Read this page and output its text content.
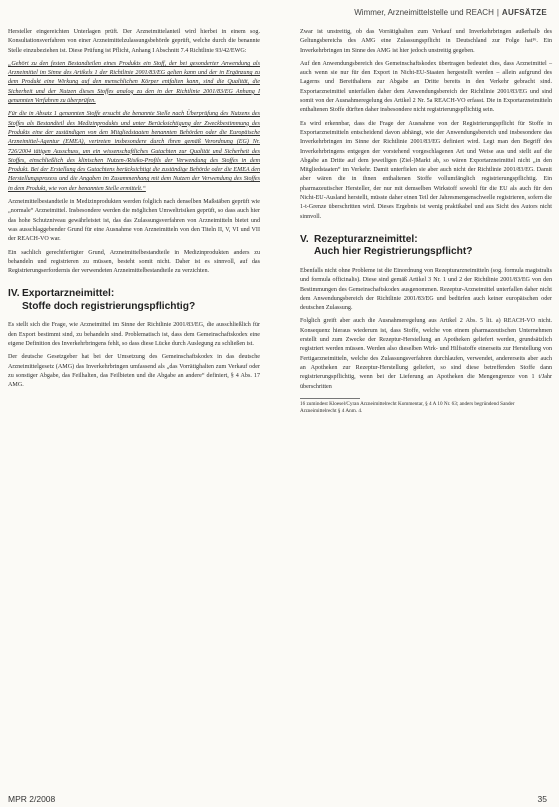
Wimmer, Arzneimittelstelle und REACH | AUFSÄTZE

Hersteller eingereichten Unterlagen prüft. Der Arzneimittelanteil wird hierbei in einem sog. Konsultationsverfahren von einer Arzneimittelzulassungsbehörde geprüft, welche durch die benannte Stelle einzubeziehen ist. Diese Prüfung ist Pflicht, Anhang I Abschnitt 7.4 Richtlinie 93/42/EWG:

„Gehört zu den festen Bestandteilen eines Produkts ein Stoff, der bei gesonderter Anwendung als Arzneimittel im Sinne des Artikels 1 der Richtlinie 2001/83/EG gelten kann und der in Ergänzung zu dem Produkt eine Wirkung auf den menschlichen Körper entfalten kann, sind die Qualität, die Sicherheit und der Nutzen dieses Stoffes analog zu den in der Richtlinie 2001/83/EG Anhang I genannten Verfahren zu überprüfen.

Für die in Absatz 1 genannten Stoffe ersucht die benannte Stelle nach Überprüfung des Nutzens des Stoffes als Bestandteil des Medizinprodukts und unter Berücksichtigung der Zweckbestimmung des Produkts eine der zuständigen von den Mitgliedstaaten benannten Behörden oder die Europäische Arzneimittel-Agentur (EMEA), vertreten insbesondere durch ihren gemäß Verordnung (EG) Nr. 726/2004 tätigen Ausschuss, um ein wissenschaftliches Gutachten zur Qualität und Sicherheit des Stoffes, einschließlich des klinischen Nutzen-/Risiko-Profils der Verwendung des Stoffes in dem Produkt. Bei der Erstellung des Gutachtens berücksichtigt die zuständige Behörde oder die EMEA den Herstellungsprozess und die Angaben im Zusammenhang mit dem Nutzen der Verwendung des Stoffes in dem Produkt, wie von der benannten Stelle ermittelt.“

Arzneimittelbestandteile in Medizinprodukten werden folglich nach denselben Maßstäben geprüft wie „normale“ Arzneimittel. Insbesondere werden die möglichen Umweltrisiken geprüft, so dass auch hier das hohe Schutzniveau gewährleistet ist, das das Zulassungsverfahren von Arzneimitteln bietet und was ausschlaggebender Grund für eine Ausnahme von Arzneimitteln von den Titeln II, V, VI und VII der REACH-VO war.

Ein sachlich gerechtfertigter Grund, Arzneimittelbestandteile in Medizinprodukten anders zu behandeln und registrieren zu müssen, besteht somit nicht. Daher ist es sinnvoll, auf das Registrierungserfordernis der verwendeten Arzneimittelbestandteile zu verzichten.

IV. Exportarzneimittel:
Stoffe doch registrierungspflichtig?

Es stellt sich die Frage, wie Arzneimittel im Sinne der Richtlinie 2001/83/EG, die ausschließlich für den Export bestimmt sind, zu behandeln sind. Problematisch ist, dass dem Gemeinschaftskodex eine eigene Definition des Inverkehrbringens fehlt, so dass diese Lücke durch Auslegung zu schließen ist.

Der deutsche Gesetzgeber hat bei der Umsetzung des Gemeinschaftskodex in das deutsche Arzneimittelgesetz (AMG) das Inverkehrbringen umfassend als „das Vorrätighalten zum Verkauf oder zu sonstiger Abgabe, das Feilhalten, das Feilbieten und die Abgabe an andere“ definiert, § 4 Abs. 17 AMG.

Zwar ist unstreitig, ob das Vorrätighalten zum Verkauf und Inverkehrbringen außerhalb des Geltungsbereichs des AMG eine Zulassungspflicht in Deutschland zur Folge hat¹⁶. Ein Inverkehrbringen im Sinne des AMG ist hier jedoch unstreitig gegeben.

Auf den Anwendungsbereich des Gemeinschaftskodex übertragen bedeutet dies, dass Arzneimittel – auch wenn sie nur für den Export in Nicht-EU-Staaten hergestellt werden – allein aufgrund des Lagerns und Bereithaltens zur Abgabe an Dritte bereits in den Verkehr gebracht sind. Exportarzneimittel unterfallen daher dem Anwendungsbereich der Richtlinie 2001/83/EG und sind somit von der Ausnahmeregelung des Artikel 2 Nr. 5a REACH-VO erfasst. Die in Exportarzneimitteln enthaltenen Stoffe dürften daher insbesondere nicht registrierungspflichtig sein.

Es wird erkennbar, dass die Frage der Ausnahme von der Registrierungspflicht für Stoffe in Exportarzneimitteln entscheidend davon abhängt, wie der Anwendungsbereich und insbesondere das Inverkehrbringen im Sinne der Richtlinie 2001/83/EG definiert wird. Legt man den Begriff des Inverkehrbringens entgegen der vorstehend vorgeschlagenen Art und Weise aus und stellt auf die Abgabe an Dritte auf dem jeweiligen (Ziel-)Markt ab, so wären Exportarzneimittel nicht „in den Mitgliedstaaten“ im Verkehr. Damit unterfielen sie aber auch nicht der Richtlinie 2001/83/EG. Damit aber wären die in ihnen enthaltenen Stoffe vollumfänglich registrierungspflichtig. Ein pharmazeutischer Hersteller, der nur mit demselben Wirkstoff sowohl für die EU als auch für den Nicht-EU-Ausland herstellt, müsste daher einen Teil der Jahresmengenschwelle registrieren, sofern die 1-t-Grenze überschritten wird. Dieses Ergebnis ist wenig praktikabel und aus Sicht des Autors nicht sinnvoll.

V. Rezepturarzneimittel:
Auch hier Registrierungspflicht?

Ebenfalls nicht ohne Probleme ist die Einordnung von Rezepturarzneimitteln (sog. formula magistralis und formula officinalis). Diese sind gemäß Artikel 3 Nr. 1 und 2 der Richtlinie 2001/83/EG von den Bestimmungen des Gemeinschaftskodex ausgenommen. Rezeptur-Arzneimittel unterfallen daher nicht dem Anwendungsbereich der Richtlinie 2001/83/EG und bedürfen auch keiner europäischen oder deutschen Zulassung.

Folglich greift aber auch die Ausnahmeregelung aus Artikel 2 Abs. 5 lit. a) REACH-VO nicht. Konsequenz hieraus wiederum ist, dass Stoffe, welche von einem pharmazeutischen Unternehmen erstellt und zum Zwecke der Rezeptur-Herstellung an Apotheken geliefert werden, grundsätzlich registriert werden müssen. Werden also dieselben Wirk- und Hilfsstoffe einerseits zur Herstellung von Fertigarzneimitteln, welche des Zulassungsverfahren durchlaufen, verwendet, andererseits aber auch an Apotheken zur Rezeptur-Herstellung geliefert, so sind diese betreffenden Stoffe dann registrierungspflichtig, wenn bei der Lieferung an Apotheken die Mengengrenze von 1 t/Jahr überschritten

16 zumindest Kloesel/Cyran Arzneimittelrecht Kommentar, § 4 A 10 Nr. 63; anders begründend Sander Arzneimittelrecht § 4 Anm. 4.

MPR 2/2008	35
